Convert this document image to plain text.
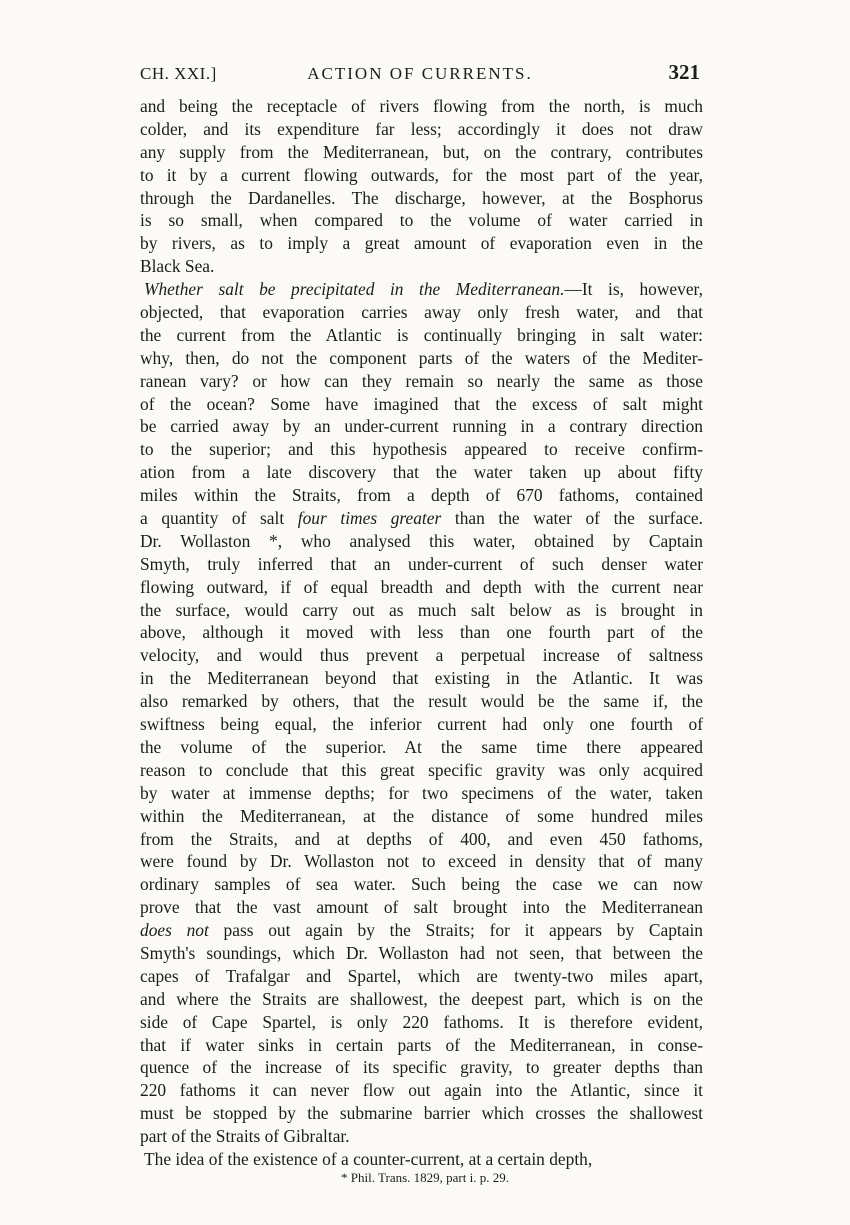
CH. XXI.]	ACTION OF CURRENTS.	321
and being the receptacle of rivers flowing from the north, is much
colder, and its expenditure far less; accordingly it does not draw
any supply from the Mediterranean, but, on the contrary, contributes
to it by a current flowing outwards, for the most part of the year,
through the Dardanelles. The discharge, however, at the Bosphorus
is so small, when compared to the volume of water carried in
by rivers, as to imply a great amount of evaporation even in the
Black Sea.
Whether salt be precipitated in the Mediterranean.—It is, however,
objected, that evaporation carries away only fresh water, and that
the current from the Atlantic is continually bringing in salt water:
why, then, do not the component parts of the waters of the Mediter-
ranean vary? or how can they remain so nearly the same as those
of the ocean? Some have imagined that the excess of salt might
be carried away by an under-current running in a contrary direction
to the superior; and this hypothesis appeared to receive confirm-
ation from a late discovery that the water taken up about fifty
miles within the Straits, from a depth of 670 fathoms, contained
a quantity of salt four times greater than the water of the surface.
Dr. Wollaston *, who analysed this water, obtained by Captain
Smyth, truly inferred that an under-current of such denser water
flowing outward, if of equal breadth and depth with the current near
the surface, would carry out as much salt below as is brought in
above, although it moved with less than one fourth part of the
velocity, and would thus prevent a perpetual increase of saltness
in the Mediterranean beyond that existing in the Atlantic. It was
also remarked by others, that the result would be the same if, the
swiftness being equal, the inferior current had only one fourth of
the volume of the superior. At the same time there appeared
reason to conclude that this great specific gravity was only acquired
by water at immense depths; for two specimens of the water, taken
within the Mediterranean, at the distance of some hundred miles
from the Straits, and at depths of 400, and even 450 fathoms,
were found by Dr. Wollaston not to exceed in density that of many
ordinary samples of sea water. Such being the case we can now
prove that the vast amount of salt brought into the Mediterranean
does not pass out again by the Straits; for it appears by Captain
Smyth's soundings, which Dr. Wollaston had not seen, that between the
capes of Trafalgar and Spartel, which are twenty-two miles apart,
and where the Straits are shallowest, the deepest part, which is on the
side of Cape Spartel, is only 220 fathoms. It is therefore evident,
that if water sinks in certain parts of the Mediterranean, in conse-
quence of the increase of its specific gravity, to greater depths than
220 fathoms it can never flow out again into the Atlantic, since it
must be stopped by the submarine barrier which crosses the shallowest
part of the Straits of Gibraltar.
The idea of the existence of a counter-current, at a certain depth,
* Phil. Trans. 1829, part i. p. 29.
